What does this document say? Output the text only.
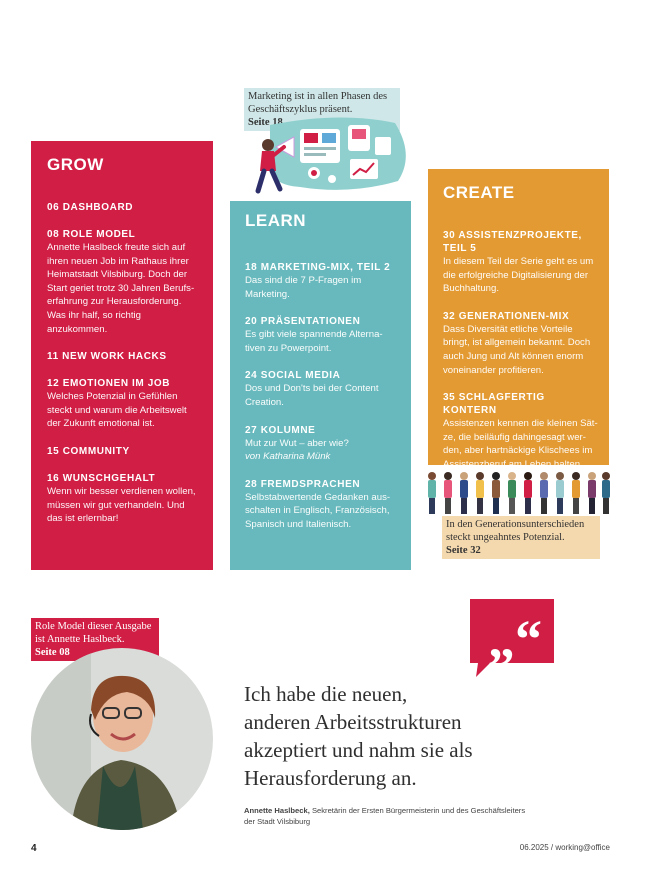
Marketing ist in allen Phasen des Geschäftszyklus präsent.
Seite 18
GROW
06 DASHBOARD
08 ROLE MODEL
Annette Haslbeck freute sich auf ihren neuen Job im Rathaus ihrer Heimatstadt Vilsbiburg. Doch der Start geriet trotz 30 Jahren Berufs-erfahrung zur Herausforderung. Was ihr half, so richtig anzukommen.
11 NEW WORK HACKS
12 EMOTIONEN IM JOB
Welches Potenzial in Gefühlen steckt und warum die Arbeitswelt der Zukunft emotional ist.
15 COMMUNITY
16 WUNSCHGEHALT
Wenn wir besser verdienen wollen, müssen wir gut verhandeln. Und das ist erlernbar!
LEARN
18 MARKETING-MIX, TEIL 2
Das sind die 7 P-Fragen im Marketing.
20 PRÄSENTATIONEN
Es gibt viele spannende Alterna-tiven zu Powerpoint.
24 SOCIAL MEDIA
Dos und Don'ts bei der Content Creation.
27 KOLUMNE
Mut zur Wut – aber wie?
von Katharina Münk
28 FREMDSPRACHEN
Selbstabwertende Gedanken aus-schalten in Englisch, Französisch, Spanisch und Italienisch.
CREATE
30 ASSISTENZPROJEKTE, TEIL 5
In diesem Teil der Serie geht es um die erfolgreiche Digitalisierung der Buchhaltung.
32 GENERATIONEN-MIX
Dass Diversität etliche Vorteile bringt, ist allgemein bekannt. Doch auch Jung und Alt können enorm voneinander profitieren.
35 SCHLAGFERTIG KONTERN
Assistenzen kennen die kleinen Sät-ze, die beiläufig dahingesagt wer-den, aber hartnäckige Klischees im Assistenzberuf am Leben halten.
In den Generationsunterschieden steckt ungeahntes Potenzial.
Seite 32
Role Model dieser Ausgabe ist Annette Haslbeck.
Seite 08	„“
Ich habe die neuen,
anderen Arbeitsstrukturen
akzeptiert und nahm sie als
Herausforderung an.
Annette Haslbeck, Sekretärin der Ersten Bürgermeisterin und des Geschäftsleiters der Stadt Vilsbiburg
4	06.2025 / working@office
